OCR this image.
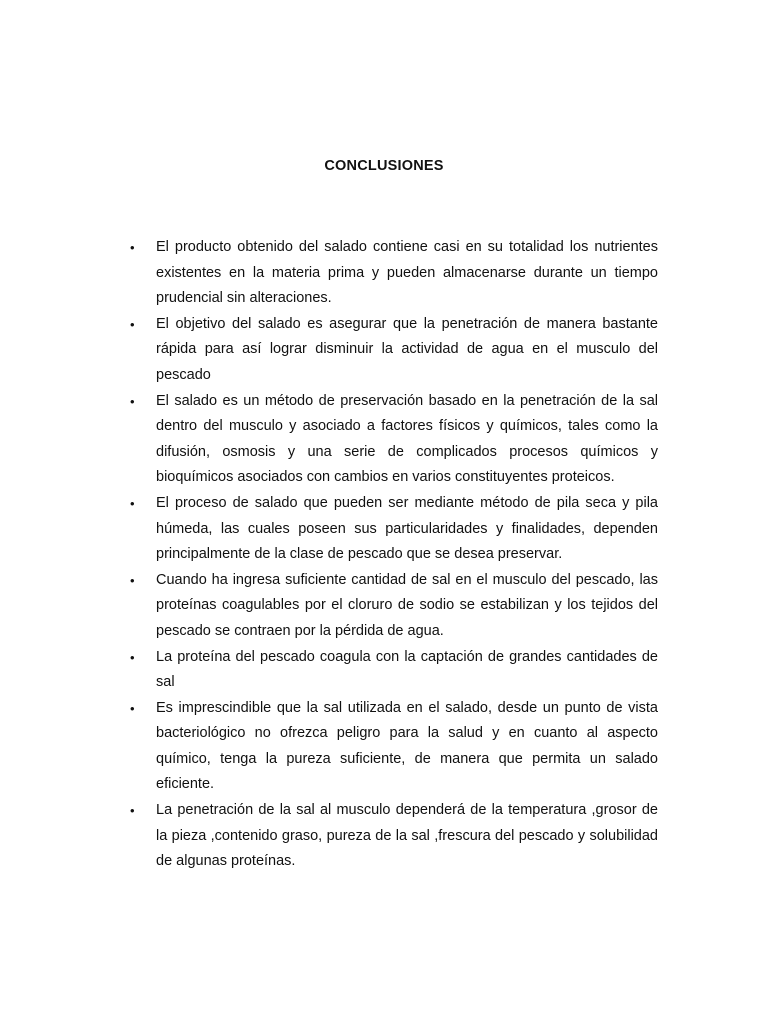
CONCLUSIONES
• El producto obtenido del salado contiene casi en su totalidad los nutrientes existentes en la materia prima y pueden almacenarse durante un tiempo prudencial sin alteraciones.
• El objetivo del salado es asegurar que la penetración de manera bastante rápida para así lograr disminuir la actividad de agua en el musculo del pescado
• El salado es un método de preservación basado en la penetración de la sal dentro del musculo y asociado a factores físicos y químicos, tales como la difusión, osmosis y una serie de complicados procesos químicos y bioquímicos asociados con cambios en varios constituyentes proteicos.
• El proceso de salado que pueden ser mediante método de pila seca y pila húmeda, las cuales poseen sus particularidades y finalidades, dependen principalmente de la clase de pescado que se desea preservar.
• Cuando ha ingresa suficiente cantidad de sal en el musculo del pescado, las proteínas coagulables por el cloruro de sodio se estabilizan y los tejidos del pescado se contraen por la pérdida de agua.
• La proteína del pescado coagula con la captación de grandes cantidades de sal
• Es imprescindible que la sal utilizada en el salado, desde un punto de vista bacteriológico no ofrezca peligro para la salud y en cuanto al aspecto químico, tenga la pureza suficiente, de manera que permita un salado eficiente.
• La penetración de la sal al musculo dependerá de la temperatura ,grosor de la pieza ,contenido graso, pureza de la sal ,frescura del pescado y solubilidad de algunas proteínas.
